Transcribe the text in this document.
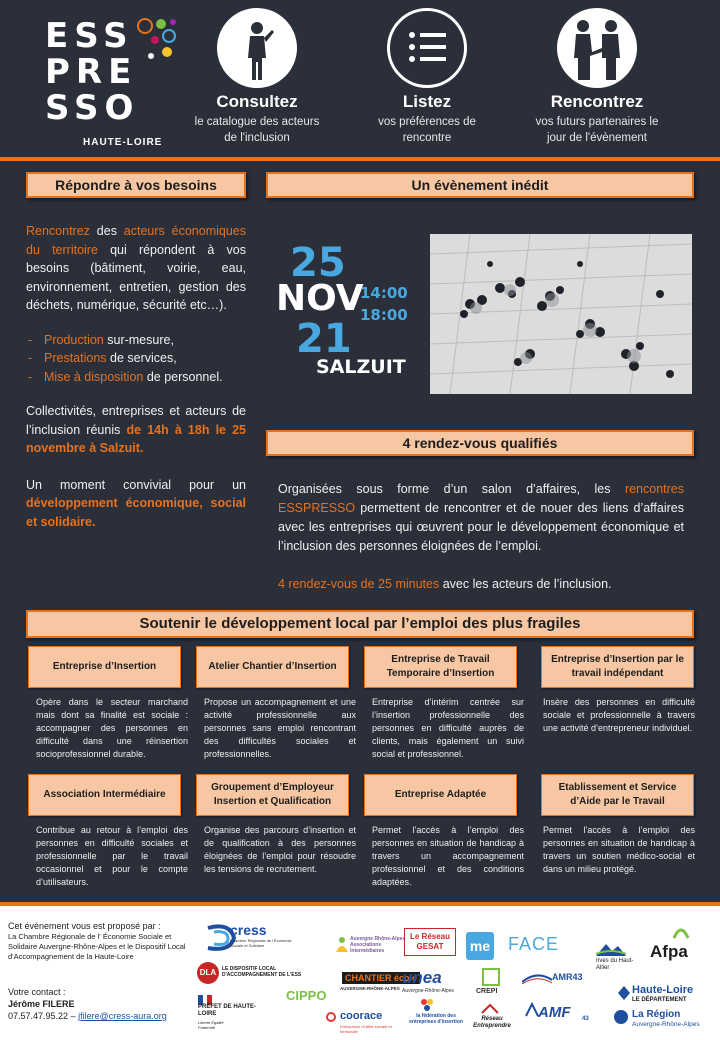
ESS
PRE
SSO
HAUTE-LOIRE
Consultez
le catalogue des acteurs
de l'inclusion
Listez
vos préférences de
rencontre
Rencontrez
vos futurs partenaires le
jour de l'évènement
Répondre à vos besoins

Rencontrez des acteurs économiques du territoire qui répondent à vos besoins (bâtiment, voirie, eau, environnement, entretien, gestion des déchets, numérique, sécurité etc…).

- Production sur-mesure,
- Prestations de services,
- Mise à disposition de personnel.

Collectivités, entreprises et acteurs de l’inclusion réunis de 14h à 18h le 25 novembre à Salzuit.

Un moment convivial pour un développement économique, social et solidaire.

Un évènement inédit
25
NOV
14:00
18:00
21
SALZUIT
4 rendez-vous qualifiés

Organisées sous forme d’un salon d’affaires, les rencontres ESSPRESSO permettent de rencontrer et de nouer des liens d’affaires avec les entreprises qui œuvrent pour le développement économique et l’inclusion des personnes éloignées de l’emploi.

4 rendez-vous de 25 minutes avec les acteurs de l’inclusion.

Soutenir le développement local par l’emploi des plus fragiles
Entreprise d’Insertion	Atelier Chantier d’Insertion
Entreprise de Travail Temporaire d’Insertion
Entreprise d’Insertion par le travail indépendant
Opère dans le secteur marchand mais dont sa finalité est sociale : accompagner des personnes en difficulté dans une réinsertion socioprofessionnel durable.
Propose un accompagnement et une activité professionnelle aux personnes sans emploi rencontrant des difficultés sociales et professionnelles.
Entreprise d’intérim centrée sur l’insertion professionnelle des personnes en difficulté auprès de clients, mais également un suivi social et professionnel.
Insère des personnes en difficulté sociale et professionnelle à travers une activité d’entrepreneur individuel.
Association Intermédiaire
Groupement d’Employeur Insertion et Qualification
Entreprise Adaptée
Etablissement et Service d’Aide par le Travail
Contribue au retour à l’emploi des personnes en difficulté sociales et professionnelle par le travail occasionnel et pour le compte d’utilisateurs.
Organise des parcours d’insertion et de qualification à des personnes éloignées de l’emploi pour résoudre les tensions de recrutement.
Permet l’accès à l’emploi des personnes en situation de handicap à travers un accompagnement professionnel et des conditions adaptées.
Permet l’accès à l’emploi des personnes en situation de handicap à travers un soutien médico-social et dans un milieu protégé.
Cet évènement vous est proposé par :
La Chambre Régionale de l' Économie Sociale et Solidaire Auvergne-Rhône-Alpes et le Dispositif Local d'Accompagnement de la Haute-Loire
Votre contact :
Jérôme FILERE
07.57.47.95.22 – jfilere@cress-aura.org
cress
Chambre Régionale de l'Économie Sociale et Solidaire
DLA	LE DISPOSITIF LOCAL D'ACCOMPAGNEMENT DE L'ESS
PRÉFET DE HAUTE-LOIRE
Liberté Égalité Fraternité
CIPPO
Auvergne Rhône-Alpes Associations Intermédiaires
CHANTIER école
AUVERGNE-RHÔNE-ALPES
coorace
Entreprises d'utilité sociale et territoriale
Le Réseau GESAT
unea
Auvergne-Rhône-Alpes
la fédération des entreprises d'insertion
me
CREPI
Réseau Entreprendre
FACE
AMR43
AMF 43
rives du Haut-Allier
Afpa
Haute-Loire
LE DÉPARTEMENT
La Région
Auvergne-Rhône-Alpes
